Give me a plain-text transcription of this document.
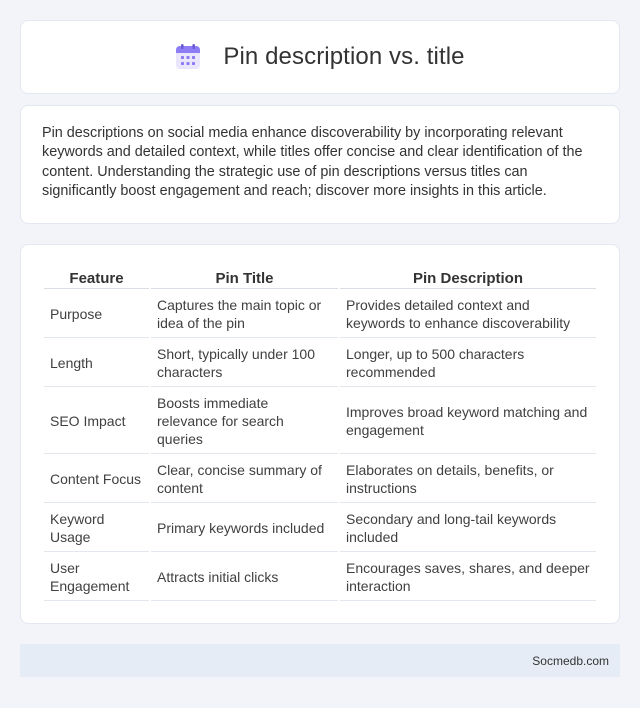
Pin description vs. title

Pin descriptions on social media enhance discoverability by incorporating relevant keywords and detailed context, while titles offer concise and clear identification of the content. Understanding the strategic use of pin descriptions versus titles can significantly boost engagement and reach; discover more insights in this article.

Feature	Pin Title	Pin Description
Purpose	Captures the main topic or idea of the pin	Provides detailed context and keywords to enhance discoverability
Length	Short, typically under 100 characters	Longer, up to 500 characters recommended
SEO Impact	Boosts immediate relevance for search queries	Improves broad keyword matching and engagement
Content Focus	Clear, concise summary of content	Elaborates on details, benefits, or instructions
Keyword Usage	Primary keywords included	Secondary and long-tail keywords included
User Engagement	Attracts initial clicks	Encourages saves, shares, and deeper interaction
Socmedb.com
